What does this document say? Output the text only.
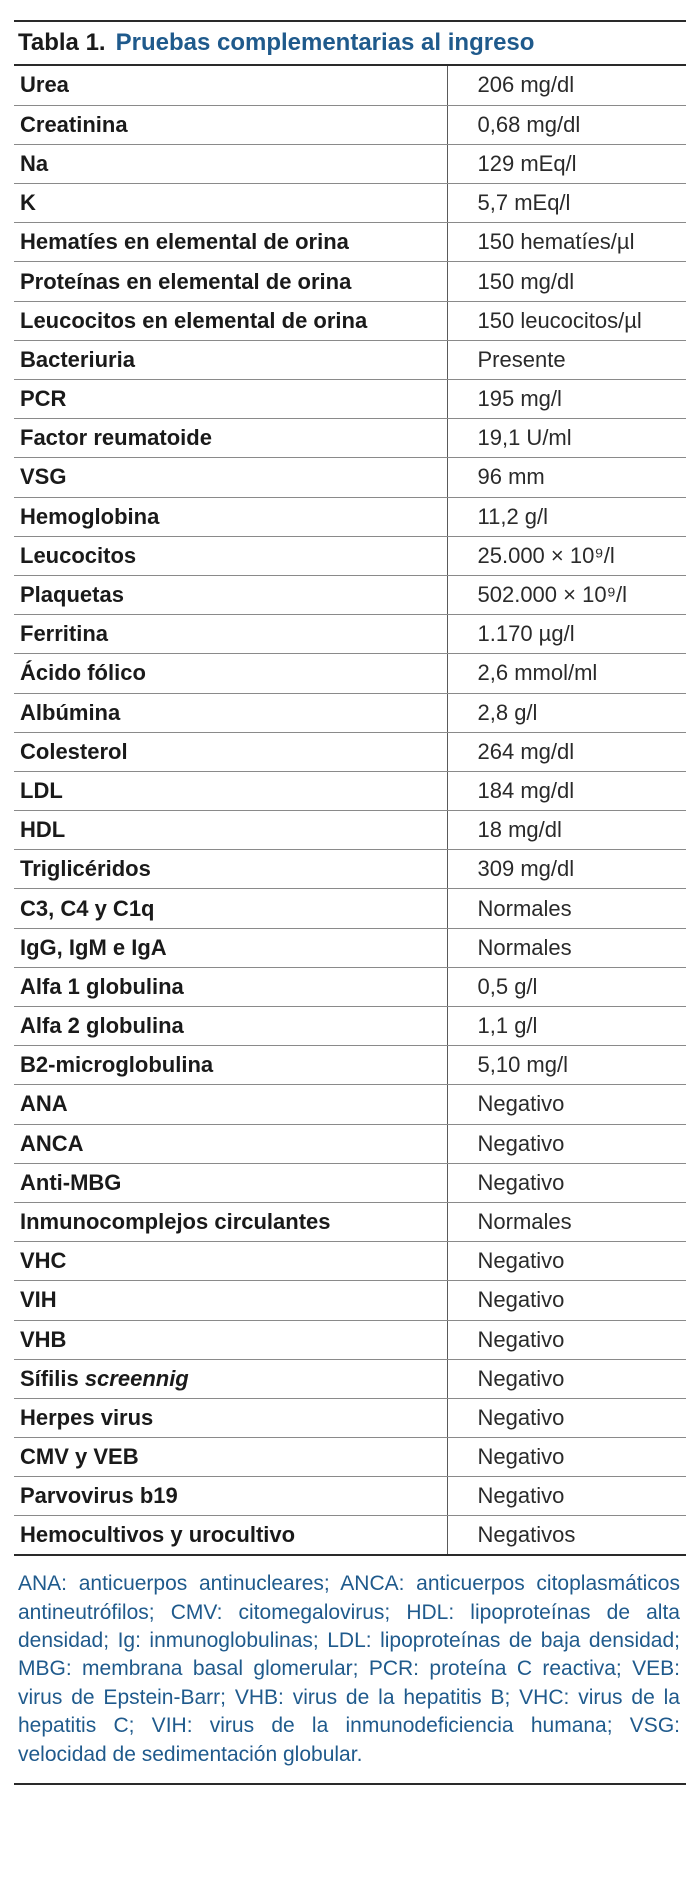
Tabla 1. Pruebas complementarias al ingreso
Urea	206 mg/dl
Creatinina	0,68 mg/dl
Na	129 mEq/l
K	5,7 mEq/l
Hematíes en elemental de orina	150 hematíes/µl
Proteínas en elemental de orina	150 mg/dl
Leucocitos en elemental de orina	150 leucocitos/µl
Bacteriuria	Presente
PCR	195 mg/l
Factor reumatoide	19,1 U/ml
VSG	96 mm
Hemoglobina	11,2 g/l
Leucocitos	25.000 × 10⁹/l
Plaquetas	502.000 × 10⁹/l
Ferritina	1.170 µg/l
Ácido fólico	2,6 mmol/ml
Albúmina	2,8 g/l
Colesterol	264 mg/dl
LDL	184 mg/dl
HDL	18 mg/dl
Triglicéridos	309 mg/dl
C3, C4 y C1q	Normales
IgG, IgM e IgA	Normales
Alfa 1 globulina	0,5 g/l
Alfa 2 globulina	1,1 g/l
B2-microglobulina	5,10 mg/l
ANA	Negativo
ANCA	Negativo
Anti-MBG	Negativo
Inmunocomplejos circulantes	Normales
VHC	Negativo
VIH	Negativo
VHB	Negativo
Sífilis screennig	Negativo
Herpes virus	Negativo
CMV y VEB	Negativo
Parvovirus b19	Negativo
Hemocultivos y urocultivo	Negativos
ANA: anticuerpos antinucleares; ANCA: anticuerpos citoplasmáticos antineutrófilos; CMV: citomegalovirus; HDL: lipoproteínas de alta densidad; Ig: inmunoglobulinas; LDL: lipoproteínas de baja densidad; MBG: membrana basal glomerular; PCR: proteína C reactiva; VEB: virus de Epstein-Barr; VHB: virus de la hepatitis B; VHC: virus de la hepatitis C; VIH: virus de la inmunodeficiencia humana; VSG: velocidad de sedimentación globular.
